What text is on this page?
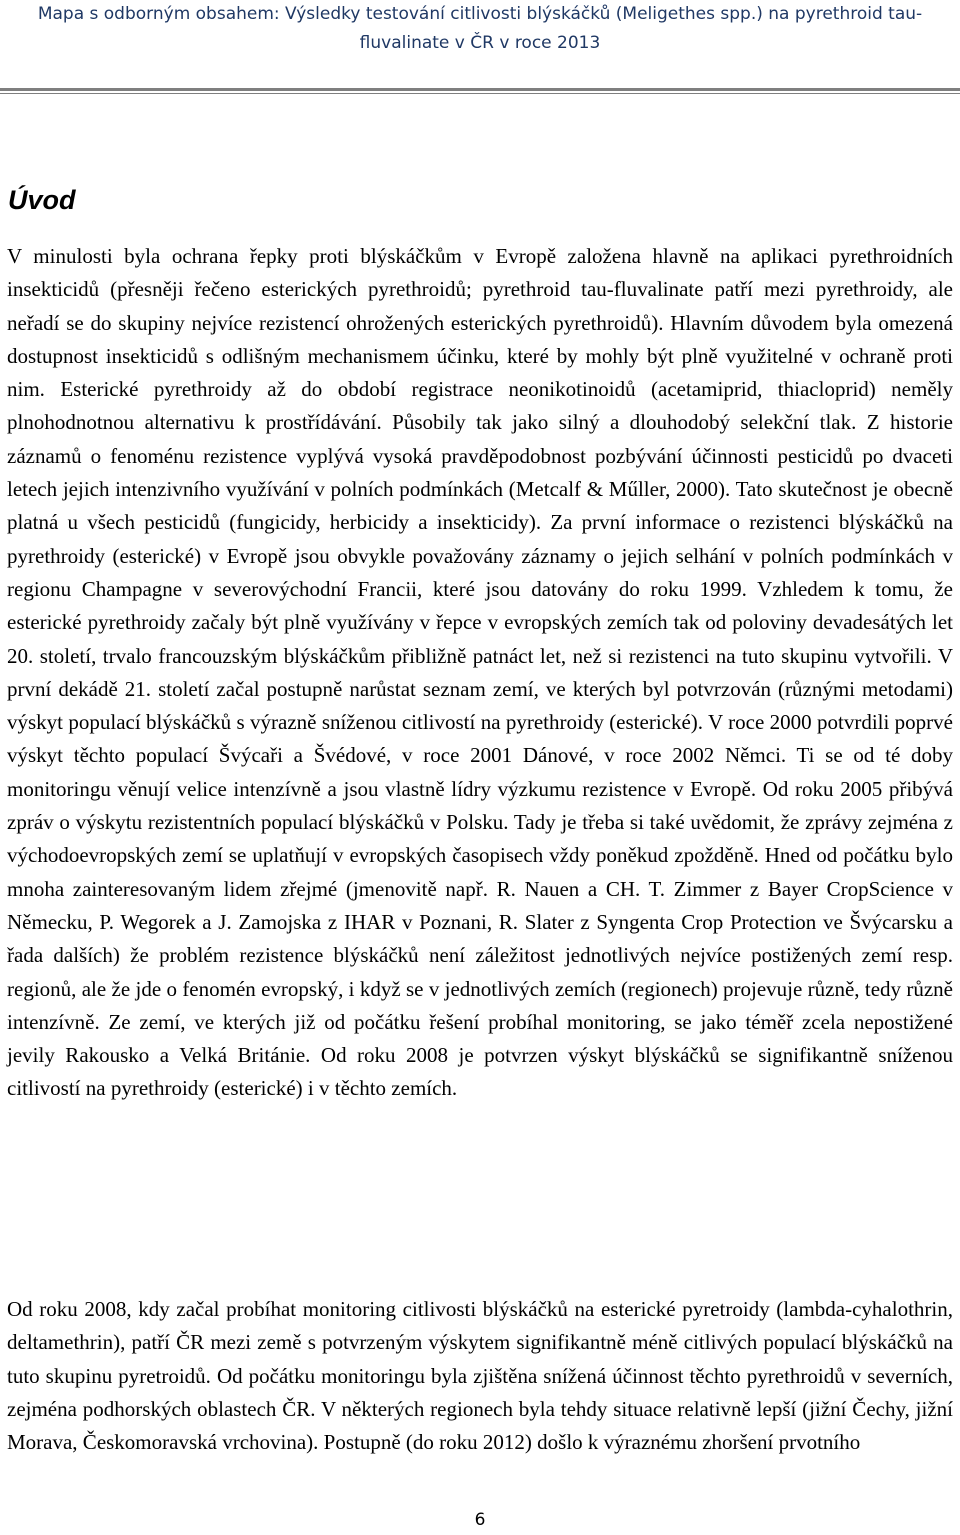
Mapa s odborným obsahem: Výsledky testování citlivosti blýskáčků (Meligethes spp.) na pyrethroid tau-
fluvalinate v ČR v roce 2013
Úvod

V minulosti byla ochrana řepky proti blýskáčkům v Evropě založena hlavně na aplikaci pyrethroidních insekticidů (přesněji řečeno esterických pyrethroidů; pyrethroid tau-fluvalinate patří mezi pyrethroidy, ale neřadí se do skupiny nejvíce rezistencí ohrožených esterických pyrethroidů). Hlavním důvodem byla omezená dostupnost insekticidů s odlišným mechanismem účinku, které by mohly být plně využitelné v ochraně proti nim. Esterické pyrethroidy až do období registrace neonikotinoidů (acetamiprid, thiacloprid) neměly plnohodnotnou alternativu k prostřídávání. Působily tak jako silný a dlouhodobý selekční tlak. Z historie záznamů o fenoménu rezistence vyplývá vysoká pravděpodobnost pozbývání účinnosti pesticidů po dvaceti letech jejich intenzivního využívání v polních podmínkách (Metcalf & Műller, 2000). Tato skutečnost je obecně platná u všech pesticidů (fungicidy, herbicidy a insekticidy). Za první informace o rezistenci blýskáčků na pyrethroidy (esterické) v Evropě jsou obvykle považovány záznamy o jejich selhání v polních podmínkách v regionu Champagne v severovýchodní Francii, které jsou datovány do roku 1999. Vzhledem k tomu, že esterické pyrethroidy začaly být plně využívány v řepce v evropských zemích tak od poloviny devadesátých let 20. století, trvalo francouzským blýskáčkům přibližně patnáct let, než si rezistenci na tuto skupinu vytvořili. V první dekádě 21. století začal postupně narůstat seznam zemí, ve kterých byl potvrzován (různými metodami) výskyt populací blýskáčků s výrazně sníženou citlivostí na pyrethroidy (esterické). V roce 2000 potvrdili poprvé výskyt těchto populací Švýcaři a Švédové, v roce 2001 Dánové, v roce 2002 Němci. Ti se od té doby monitoringu věnují velice intenzívně a jsou vlastně lídry výzkumu rezistence v Evropě. Od roku 2005 přibývá zpráv o výskytu rezistentních populací blýskáčků v Polsku. Tady je třeba si také uvědomit, že zprávy zejména z východoevropských zemí se uplatňují v evropských časopisech vždy poněkud zpožděně. Hned od počátku bylo mnoha zainteresovaným lidem zřejmé (jmenovitě např. R. Nauen a CH. T. Zimmer z Bayer CropScience v Německu, P. Wegorek a J. Zamojska z IHAR v Poznani, R. Slater z Syngenta Crop Protection ve Švýcarsku a řada dalších) že problém rezistence blýskáčků není záležitost jednotlivých nejvíce postižených zemí resp. regionů, ale že jde o fenomén evropský, i když se v jednotlivých zemích (regionech) projevuje různě, tedy různě intenzívně. Ze zemí, ve kterých již od počátku řešení probíhal monitoring, se jako téměř zcela nepostižené jevily Rakousko a Velká Británie. Od roku 2008 je potvrzen výskyt blýskáčků se signifikantně sníženou citlivostí na pyrethroidy (esterické) i v těchto zemích.

Od roku 2008, kdy začal probíhat monitoring citlivosti blýskáčků na esterické pyretroidy (lambda-cyhalothrin, deltamethrin), patří ČR mezi země s potvrzeným výskytem signifikantně méně citlivých populací blýskáčků na tuto skupinu pyretroidů. Od počátku monitoringu byla zjištěna snížená účinnost těchto pyrethroidů v severních, zejména podhorských oblastech ČR. V některých regionech byla tehdy situace relativně lepší (jižní Čechy, jižní Morava, Českomoravská vrchovina). Postupně (do roku 2012) došlo k výraznému zhoršení prvotního

6
